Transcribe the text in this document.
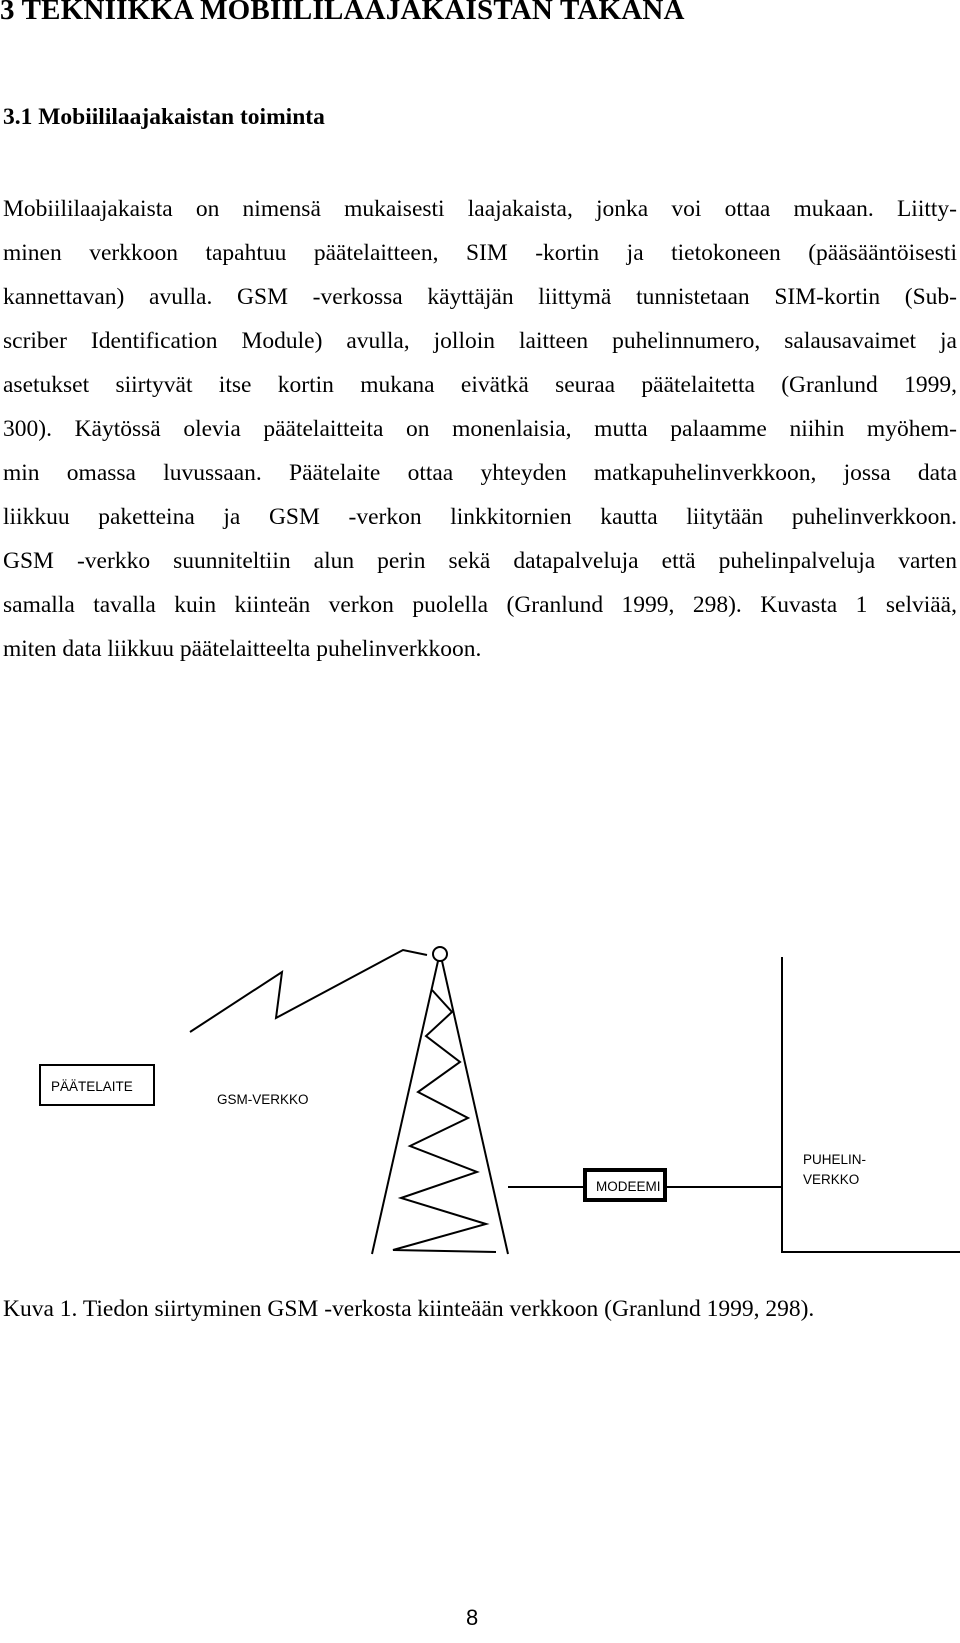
3 TEKNIIKKA MOBIILILAAJAKAISTAN TAKANA
3.1 Mobiililaajakaistan toiminta

Mobiililaajakaista on nimensä mukaisesti laajakaista, jonka voi ottaa mukaan. Liitty-

minen verkkoon tapahtuu päätelaitteen, SIM -kortin ja tietokoneen (pääsääntöisesti

kannettavan) avulla. GSM -verkossa käyttäjän liittymä tunnistetaan SIM-kortin (Sub-

scriber Identification Module) avulla, jolloin laitteen puhelinnumero, salausavaimet ja

asetukset siirtyvät itse kortin mukana eivätkä seuraa päätelaitetta (Granlund 1999,

300). Käytössä olevia päätelaitteita on monenlaisia, mutta palaamme niihin myöhem-

min omassa luvussaan. Päätelaite ottaa yhteyden matkapuhelinverkkoon, jossa data

liikkuu paketteina ja GSM -verkon linkkitornien kautta liitytään puhelinverkkoon.

GSM -verkko suunniteltiin alun perin sekä datapalveluja että puhelinpalveluja varten

samalla tavalla kuin kiinteän verkon puolella (Granlund 1999, 298). Kuvasta 1 selviää,

miten data liikkuu päätelaitteelta puhelinverkkoon.

PÄÄTELAITE
GSM-VERKKO
MODEEMI
PUHELIN-
VERKKO

Kuva 1. Tiedon siirtyminen GSM -verkosta kiinteään verkkoon (Granlund 1999, 298).

8
